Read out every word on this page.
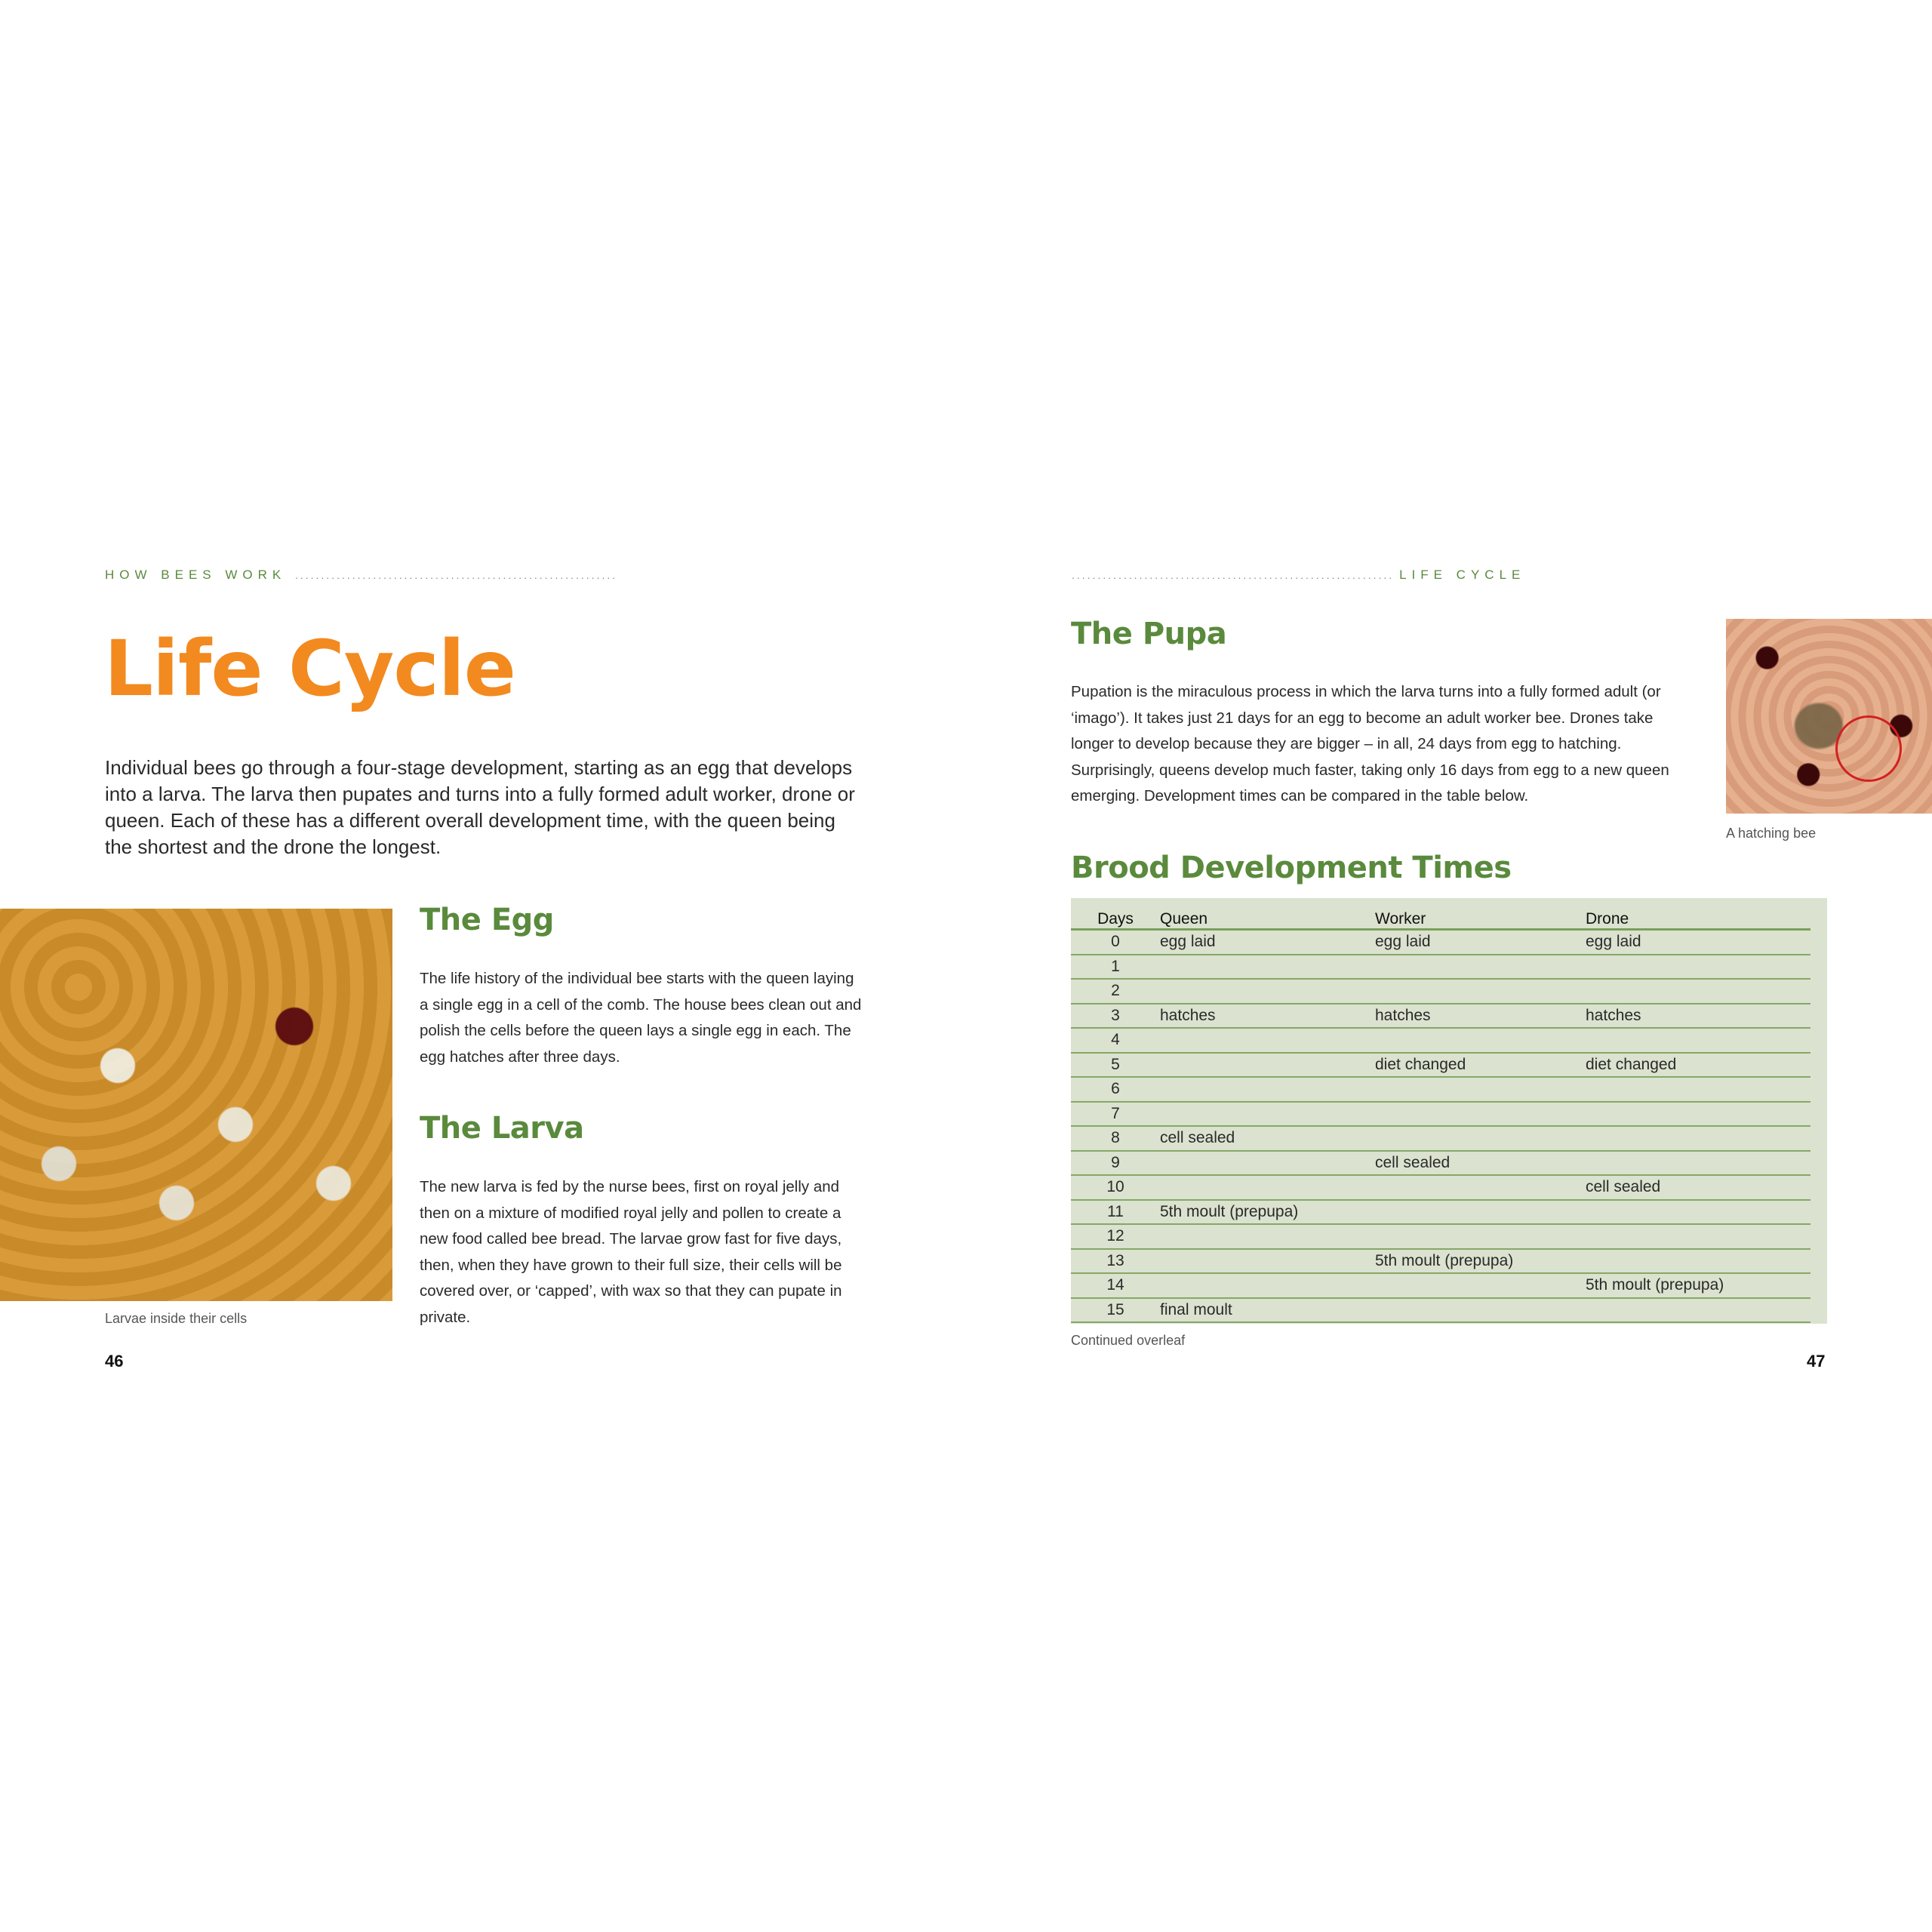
HOW BEES WORK ..............................................................
Life Cycle
Individual bees go through a four-stage development, starting as an egg that develops into a larva. The larva then pupates and turns into a fully formed adult worker, drone or queen. Each of these has a different overall development time, with the queen being the shortest and the drone the longest.
Larvae inside their cells
The Egg
The life history of the individual bee starts with the queen laying a single egg in a cell of the comb. The house bees clean out and polish the cells before the queen lays a single egg in each. The egg hatches after three days.
The Larva
The new larva is fed by the nurse bees, first on royal jelly and then on a mixture of modified royal jelly and pollen to create a new food called bee bread. The larvae grow fast for five days, then, when they have grown to their full size, their cells will be covered over, or ‘capped’, with wax so that they can pupate in private.
46
.............................................................. LIFE CYCLE
The Pupa
Pupation is the miraculous process in which the larva turns into a fully formed adult (or ‘imago’). It takes just 21 days for an egg to become an adult worker bee. Drones take longer to develop because they are bigger – in all, 24 days from egg to hatching. Surprisingly, queens develop much faster, taking only 16 days from egg to a new queen emerging. Development times can be compared in the table below.
A hatching bee
Brood Development Times
Days	Queen	Worker	Drone
0	egg laid	egg laid	egg laid
1			
2			
3	hatches	hatches	hatches
4			
5		diet changed	diet changed
6			
7			
8	cell sealed		
9		cell sealed	
10			cell sealed
11	5th moult (prepupa)		
12			
13		5th moult (prepupa)	
14			5th moult (prepupa)
15	final moult		
Continued overleaf
47
